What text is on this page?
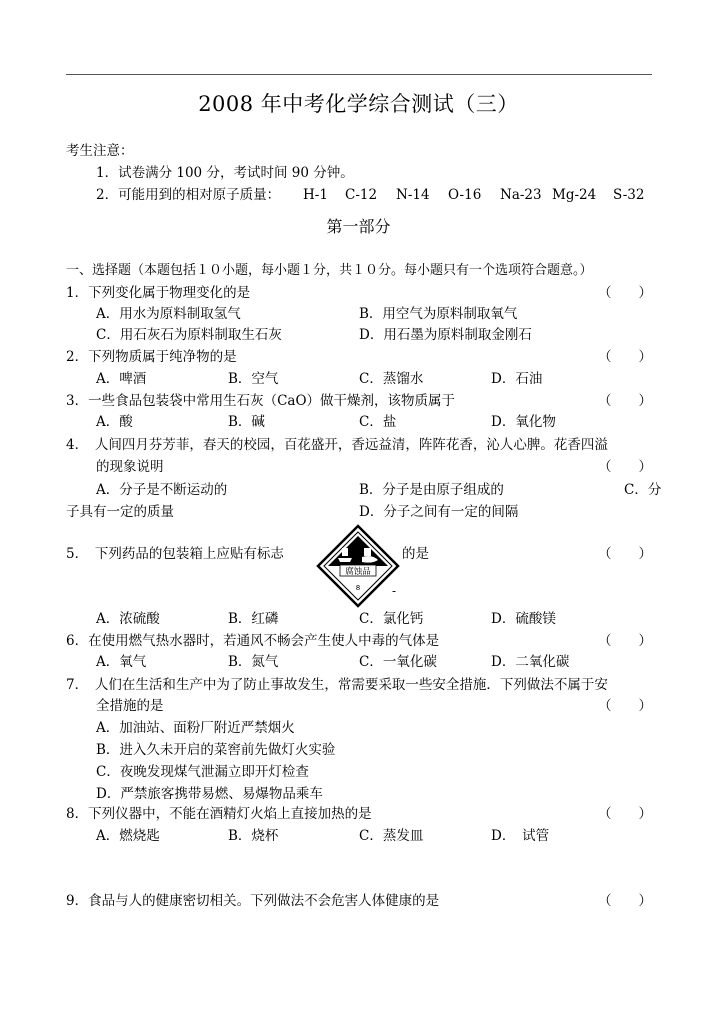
2008 年中考化学综合测试（三）
考生注意：
1．试卷满分 100 分，考试时间 90 分钟。
2．可能用到的相对原子质量： H-1 C-12 N-14 O-16 Na-23 Mg-24 S-32
第一部分
一、选择题（本题包括１０小题，每小题１分，共１０分。每小题只有一个选项符合题意。）
1．下列变化属于物理变化的是	（　　）
A．用水为原料制取氢气	B．用空气为原料制取氧气
C．用石灰石为原料制取生石灰	D．用石墨为原料制取金刚石
2．下列物质属于纯净物的是	（　　）
A．啤酒	B．空气	C．蒸馏水	D．石油
3．一些食品包装袋中常用生石灰（CaO）做干燥剂，该物质属于	（　　）
A．酸	B．碱	C．盐	D．氧化物
4．　人间四月芬芳菲，春天的校园，百花盛开，香远益清，阵阵花香，沁人心脾。花香四溢
的现象说明	（　　）
A．分子是不断运动的	B．分子是由原子组成的	C．分
子具有一定的质量	D．分子之间有一定的间隔
5．　下列药品的包装箱上应贴有标志
腐蚀品
8
的是	（　　）
-
A．浓硫酸	B．红磷	C．氯化钙	D．硫酸镁
6．在使用燃气热水器时，若通风不畅会产生使人中毒的气体是	（　　）
A．氧气	B．氮气	C．一氧化碳	D．二氧化碳
7．　人们在生活和生产中为了防止事故发生，常需要采取一些安全措施．下列做法不属于安
全措施的是	（　　）
A．加油站、面粉厂附近严禁烟火
B．进入久未开启的菜窖前先做灯火实验
C．夜晚发现煤气泄漏立即开灯检查
D．严禁旅客携带易燃、易爆物品乘车
8．下列仪器中，不能在酒精灯火焰上直接加热的是	（　　）
A．燃烧匙	B．烧杯	C．蒸发皿	D．　试管
9．食品与人的健康密切相关。下列做法不会危害人体健康的是	（　　）
